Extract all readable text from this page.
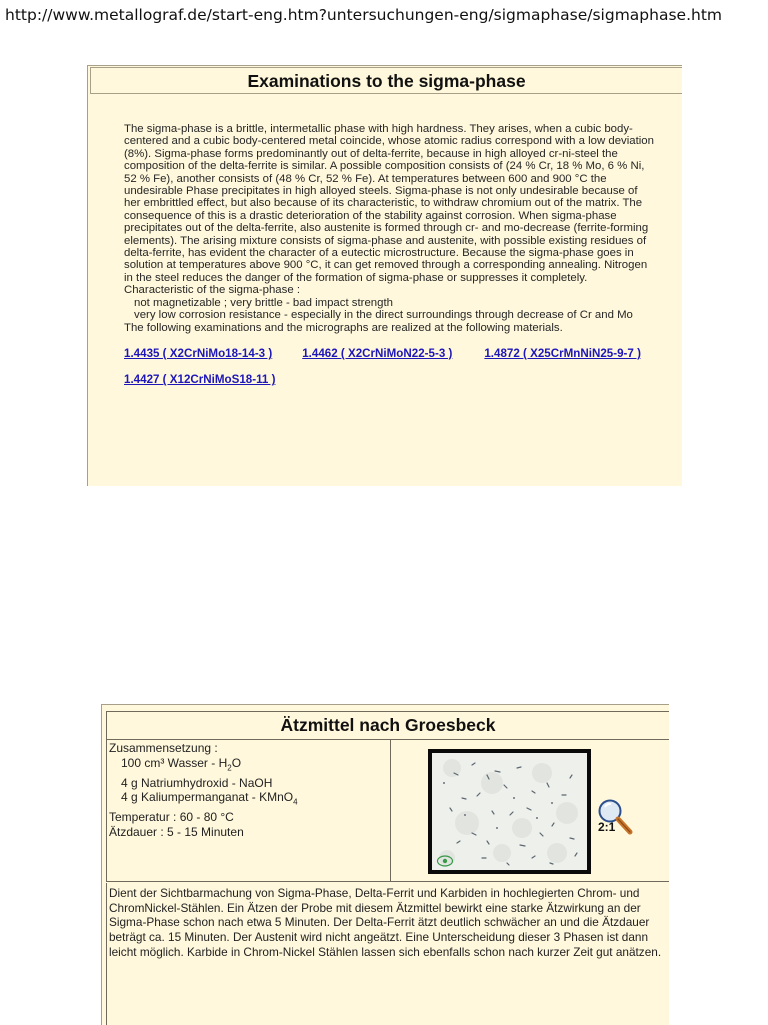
http://www.metallograf.de/start-eng.htm?untersuchungen-eng/sigmaphase/sigmaphase.htm
Examinations to the sigma-phase

The sigma-phase is a brittle, intermetallic phase with high hardness. They arises, when a cubic body-centered and a cubic body-centered metal coincide, whose atomic radius correspond with a low deviation (8%). Sigma-phase forms predominantly out of delta-ferrite, because in high alloyed cr-ni-steel the composition of the delta-ferrite is similar. A possible composition consists of (24 % Cr, 18 % Mo, 6 % Ni, 52 % Fe), another consists of (48 % Cr, 52 % Fe). At temperatures between 600 and 900 °C the undesirable Phase precipitates in high alloyed steels. Sigma-phase is not only undesirable because of her embrittled effect, but also because of its characteristic, to withdraw chromium out of the matrix. The consequence of this is a drastic deterioration of the stability against corrosion. When sigma-phase precipitates out of the delta-ferrite, also austenite is formed through cr- and mo-decrease (ferrite-forming elements). The arising mixture consists of sigma-phase and austenite, with possible existing residues of delta-ferrite, has evident the character of a eutectic microstructure. Because the sigma-phase goes in solution at temperatures above 900 °C, it can get removed through a corresponding annealing. Nitrogen in the steel reduces the danger of the formation of sigma-phase or suppresses it completely. Characteristic of the sigma-phase :

not magnetizable ; very brittle - bad impact strength
very low corrosion resistance - especially in the direct surroundings through decrease of Cr and Mo
The following examinations and the micrographs are realized at the following materials.
1.4435 ( X2CrNiMo18-14-3 )	1.4462 ( X2CrNiMoN22-5-3 )	1.4872 ( X25CrMnNiN25-9-7 )
1.4427 ( X12CrNiMoS18-11 )
Ätzmittel nach Groesbeck
Zusammensetzung :
100 cm³ Wasser - $H_2O$
4 g Natriumhydroxid - NaOH
4 g Kaliumpermanganat - KMnO$_4$
Temperatur : 60 - 80 °C
Ätzdauer : 5 - 15 Minuten	2:1
Dient der Sichtbarmachung von Sigma-Phase, Delta-Ferrit und Karbiden in hochlegierten Chrom- und ChromNickel-Stählen. Ein Ätzen der Probe mit diesem Ätzmittel bewirkt eine starke Ätzwirkung an der Sigma-Phase schon nach etwa 5 Minuten. Der Delta-Ferrit ätzt deutlich schwächer an und die Ätzdauer beträgt ca. 15 Minuten. Der Austenit wird nicht angeätzt. Eine Unterscheidung dieser 3 Phasen ist dann leicht möglich. Karbide in Chrom-Nickel Stählen lassen sich ebenfalls schon nach kurzer Zeit gut anätzen.
